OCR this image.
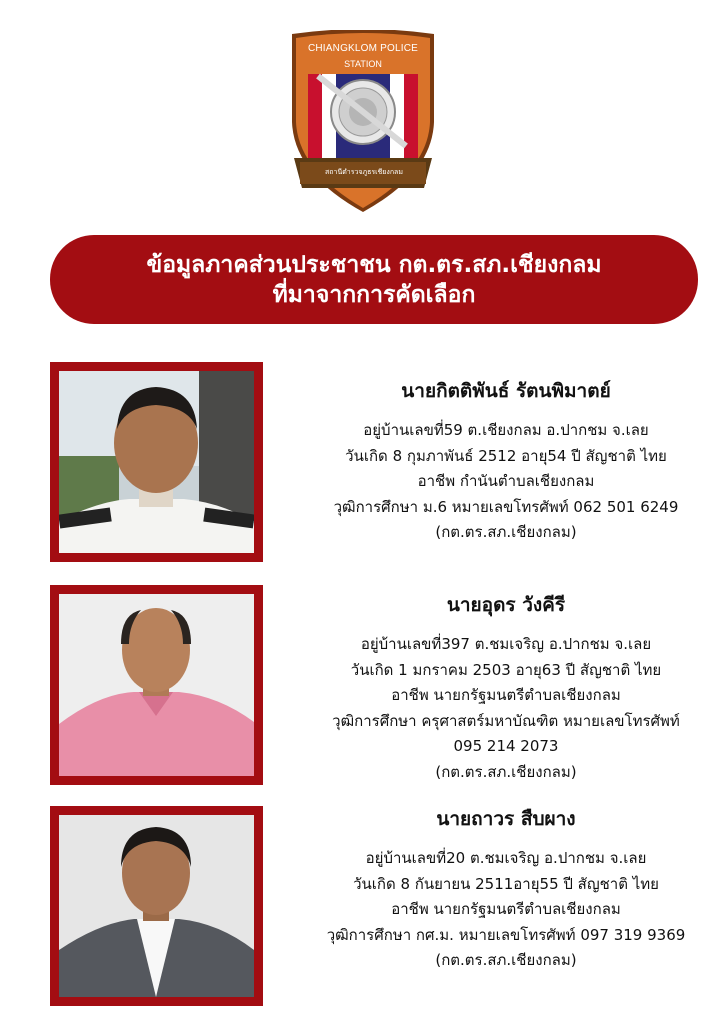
CHIANGKLOM POLICE
STATION
สถานีตำรวจภูธรเชียงกลม
ข้อมูลภาคส่วนประชาชน กต.ตร.สภ.เชียงกลม
ที่มาจากการคัดเลือก
นายกิตติพันธ์ รัตนพิมาตย์
อยู่บ้านเลขที่59 ต.เชียงกลม อ.ปากชม จ.เลย
วันเกิด 8 กุมภาพันธ์ 2512 อายุ54 ปี สัญชาติ ไทย
อาชีพ กำนันตำบลเชียงกลม
วุฒิการศึกษา ม.6 หมายเลขโทรศัพท์ 062 501 6249
(กต.ตร.สภ.เชียงกลม)
นายอุดร วังคีรี
อยู่บ้านเลขที่397 ต.ชมเจริญ อ.ปากชม จ.เลย
วันเกิด 1 มกราคม 2503 อายุ63 ปี สัญชาติ ไทย
อาชีพ นายกรัฐมนตรีตำบลเชียงกลม
วุฒิการศึกษา ครุศาสตร์มหาบัณฑิต หมายเลขโทรศัพท์
095 214 2073
(กต.ตร.สภ.เชียงกลม)
นายถาวร สืบผาง
อยู่บ้านเลขที่20 ต.ชมเจริญ อ.ปากชม จ.เลย
วันเกิด 8 กันยายน 2511อายุ55 ปี สัญชาติ ไทย
อาชีพ นายกรัฐมนตรีตำบลเชียงกลม
วุฒิการศึกษา กศ.ม. หมายเลขโทรศัพท์ 097 319 9369
(กต.ตร.สภ.เชียงกลม)
